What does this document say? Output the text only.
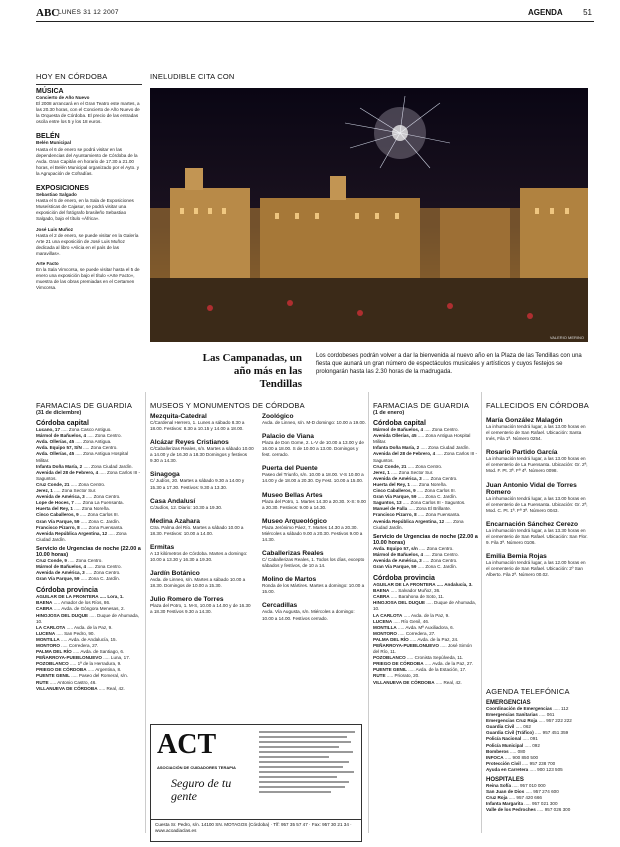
ABC
LUNES 31 12 2007	AGENDA	51
HOY EN CÓRDOBA
MÚSICA
Concierto de Año Nuevo
El 2008 arrancará en el Gran Teatro este martes, a las 20.30 horas, con el Concierto de Año Nuevo de la Orquesta de Córdoba. El precio de las entradas oscila entre los 5 y los 18 euros.
BELÉN
Belén Municipal
Hasta el 6 de enero se podrá visitar en las dependencias del Ayuntamiento de Córdoba de la Avda. Gran Capitán en horario de 17.30 a 21.00 horas, el Belén Municipal organizado por el Ayto. y la Agrupación de Cofradías.
EXPOSICIONES
Sebastiao Salgado
Hasta el 5 de enero, en la Sala de Exposiciones Museísticas de Cajasur, se podrá visitar una exposición del fotógrafo brasileño Sebastiao Salgado, bajo el título «África».
José Luis Muñoz
Hasta el 2 de enero, se puede visitar en la Galería Arte 21 una exposición de José Luis Muñoz dedicada al libro «Alicia en el país de las maravillas».
Arte Facto
En la Sala Vimcorsa, se puede visitar hasta el 5 de enero una exposición bajo el título «Arte Facto», muestra de las obras premiadas en el Certamen Vimcorsa.
INELUDIBLE CITA CON
VALERIO MERINO
Las Campanadas, un año más en las Tendillas
Los cordobeses podrán volver a dar la bienvenida al nuevo año en la Plaza de las Tendillas con una fiesta que aunará un gran número de espectáculos musicales y artísticos y cuyos festejos se prolongarán hasta las 2.30 horas de la madrugada.
FARMACIAS DE GUARDIA
(31 de diciembre)
Córdoba capital
Lucano, 17 ..... Zona Casco Antiguo.
Mármol de Bañuelos, 4 ..... Zona Centro.
Avda. Ollerías, 45 ..... Zona Antigua.
Avda. Equipo 57, S/N ..... Zona Centro.
Avda. Ollerías, 45 ..... Zona Antigua Hospital Militar.
Infanta Doña María, 2 ..... Zona Ciudad Jardín.
Avenida del 28 de Febrero, 4 ..... Zona Carlos III - Saguntos.
Cruz Conde, 21 ..... Zona Centro.
Jerez, 1 ..... Zona Sector Sur.
Avenida de América, 3 ..... Zona Centro.
Lope de Hoces, 7 ..... Zona La Fuensanta.
Huerta del Rey, 1 ..... Zona Noreña.
Cinco Caballeros, 9 ..... Zona Carlos III.
Gran Vía Parque, 59 ..... Zona C. Jardín.
Francisco Pizarro, 8 ..... Zona Fuensanta.
Avenida República Argentina, 12 ..... Zona Ciudad Jardín.
Servicio de Urgencias de noche (22.00 a 10.00 horas)
Cruz Conde, 9 ..... Zona Centro.
Mármol de Bañuelos, 4 ..... Zona Centro.
Avenida de América, 3 ..... Zona Centro.
Gran Vía Parque, 59 ..... Zona C. Jardín.
Córdoba provincia
AGUILAR DE LA FRONTERA ..... Lora, 1.
BAENA ..... Amador de los Ríos, 86.
CABRA ..... Avda. de Góngora Menesas, 2.
HINOJOSA DEL DUQUE ..... Duque de Ahumada, 10.
LA CARLOTA ..... Avda. de la Paz, 9.
LUCENA ..... San Pedro, 90.
MONTILLA ..... Avda. de Andalucía, 15.
MONTORO ..... Corredera, 27.
PALMA DEL RÍO ..... Avda. de Santiago, 6.
PEÑARROYA-PUEBLONUEVO ..... Luna, 17.
POZOBLANCO ..... 1ª de la Herradura, 9.
PRIEGO DE CÓRDOBA ..... Argentina, 8.
PUENTE GENIL ..... Paseo del Romeral, s/n.
RUTE ..... Antonio Castro, 46.
VILLANUEVA DE CÓRDOBA ..... Real, 42.
MUSEOS Y MONUMENTOS DE CÓRDOBA
Mezquita-Catedral
C/Cardenal Herrero, 1. Lunes a sábado 8.30 a 18.00. Festivos: 8.30 a 10.15 y 14.00 a 18.00.
Alcázar Reyes Cristianos
C/Caballerizas Reales, s/n. Martes a sábado 10.00 a 14.00 y de 16.30 a 18.30 Domingos y festivos 9.30 a 14.30.
Sinagoga
C/ Judíos, 20. Martes a sábado 9.30 a 14.00 y 15.30 a 17.30. Festivos: 9.30 a 13.30.
Casa Andalusí
C/Judíos, 12. Diario: 10.30 a 19.30.
Medina Azahara
Ctra. Palma del Río. Martes a sábado 10.00 a 18.30. Festivos: 10.00 a 14.00.
Ermitas
A 13 kilómetros de Córdoba. Martes a domingo: 10.00 a 13.30 y 16.30 a 19.30.
Jardín Botánico
Avda. de Linneo, s/n. Martes a sábado 10.00 a 18.30. Domingos de 10.00 a 15.30.
Julio Romero de Torres
Plaza del Potro, 1. M-S, 10.00 a 14.00 y de 16.30 a 18.30 Festivos 9.30 a 14.30.
Zoológico
Avda. de Linneo, s/n. M-D domingo: 10.00 a 19.00.
Palacio de Viana
Plaza de Don Gome, 2. L-V de 10.00 a 13.00 y de 16.00 a 18.00. S de 10.00 a 13.00. Domingos y fest. cerrado.
Puerta del Puente
Paseo del Triunfo, s/n. 10.00 a 18.00. V-S 10.00 a 14.00 y de 18.00 a 20.30. Dy Fest. 10.00 a 15.00.
Museo Bellas Artes
Plaza del Potro, 1. Martes 14.30 a 20.30. X-S: 9.00 a 20.30. Festivos: 9.00 a 14.30.
Museo Arqueológico
Plaza Jerónimo Páez, 7. Martes 14.30 a 20.30. Miércoles a sábado 9.00 a 20.30. Festivos 9.00 a 14.30.
Caballerizas Reales
C/ Caballerizas Reales, 1. Todos los días, excepto sábados y festivos, de 10 a 14.
Molino de Martos
Ronda de los Mártires. Martes a domingo: 10.00 a 15.00.
Cercadillas
Avda. Vía Augusta, s/n. Miércoles a domingo: 10.00 a 14.00. Festivos cerrado.
ACT
ASOCIACIÓN DE CUIDADORES TERAPIA
Seguro de tu gente
Cuesta Sr. Pedro, s/n. 14100 SN. MOTAGOS (Córdoba) · Tlf: 957 35 57 47 · Fax: 957 30 21 34 · www.acoadiaclas.es
FARMACIAS DE GUARDIA
(1 de enero)
Córdoba capital
Mármol de Bañuelos, 4 ..... Zona Centro.
Avenida Ollerías, 45 ..... Zona Antigua Hospital Militar.
Infanta Doña María, 2 ..... Zona Ciudad Jardín.
Avenida del 28 de Febrero, 4 ..... Zona Carlos III - Saguntos.
Cruz Conde, 21 ..... Zona Centro.
Jerez, 1 ..... Zona Sector Sur.
Avenida de América, 3 ..... Zona Centro.
Huerta del Rey, 1 ..... Zona Noreña.
Cinco Caballeros, 9 ..... Zona Carlos III.
Gran Vía Parque, 59 ..... Zona C. Jardín.
Saguntos, 13 ..... Zona Carlos III - Saguntos.
Manuel de Falla ..... Zona El Brillante.
Francisco Pizarro, 8 ..... Zona Fuensanta.
Avenida República Argentina, 12 ..... Zona Ciudad Jardín.
Servicio de Urgencias de noche (22.00 a 10.00 horas)
Avda. Equipo 57, s/n ..... Zona Centro.
Mármol de Bañuelos, 4 ..... Zona Centro.
Avenida de América, 3 ..... Zona Centro.
Gran Vía Parque, 59 ..... Zona C. Jardín.
Córdoba provincia
AGUILAR DE LA FRONTERA ..... Andalucía, 3.
BAENA ..... Salvador Muñoz, 36.
CABRA ..... Barahona de Soto, 11.
HINOJOSA DEL DUQUE ..... Duque de Ahumada, 10.
LA CARLOTA ..... Avda. de la Paz, 9.
LUCENA ..... Río Genil, 46.
MONTILLA ..... Avda. Mª Auxiliadora, 6.
MONTORO ..... Corredera, 27.
PALMA DEL RÍO ..... Avda. de la Paz, 24.
PEÑARROYA-PUEBLONUEVO ..... José Simón del Río, 11.
POZOBLANCO ..... Cronista Sepúlveda, 11.
PRIEGO DE CÓRDOBA ..... Avda. de la Paz, 27.
PUENTE GENIL ..... Avda. de la Estación, 17.
RUTE ..... Priorato, 20.
VILLANUEVA DE CÓRDOBA ..... Real, 42.
FALLECIDOS EN CÓRDOBA
María González Malagón
La inhumación tendrá lugar, a las 13.00 horas en el cementerio de San Rafael. Ubicación: Santa Inés, Fila 1ª. Número 0254.
Rosario Partido García
La inhumación tendrá lugar, a las 13.00 horas en el cementerio de La Fuensanta. Ubicación: Gr. 2ª, Mod. F. Pt. 3ª. Fª 4ª. Número 0098.
Juan Antonio Vidal de Torres Romero
La inhumación tendrá lugar, a las 13.00 horas en el cementerio de La Fuensanta. Ubicación: Gr. 2ª, Mod. C. Pt. 1ª. Fª 3ª. Número 0043.
Encarnación Sánchez Cerezo
La inhumación tendrá lugar, a las 13.30 horas en el cementerio de San Rafael. Ubicación: San Flor. 9. Fila 3ª. Número 0106.
Emilia Bemia Rojas
La inhumación tendrá lugar, a las 12.00 horas en el cementerio de San Rafael. Ubicación: 2º San Alberto. Fila 2ª. Número 00.02.
AGENDA TELEFÓNICA
EMERGENCIAS
Coordinación de Emergencias ..... 112
Emergencias Sanitarias ..... 061
Emergencias Cruz Roja ..... 957 222 222
Guardia Civil ..... 062
Guardia Civil (Tráfico) ..... 957 451 359
Policía Nacional ..... 091
Policía Municipal ..... 092
Bomberos ..... 080
INFOCA ..... 900 850 500
Protección Civil ..... 957 238 700
Ayuda en Carretera ..... 900 123 505
HOSPITALES
Reina Sofía ..... 957 010 000
San Juan de Dios ..... 957 274 600
Cruz Roja ..... 957 420 666
Infanta Margarita ..... 957 021 300
Valle de los Pedroches ..... 957 026 300
